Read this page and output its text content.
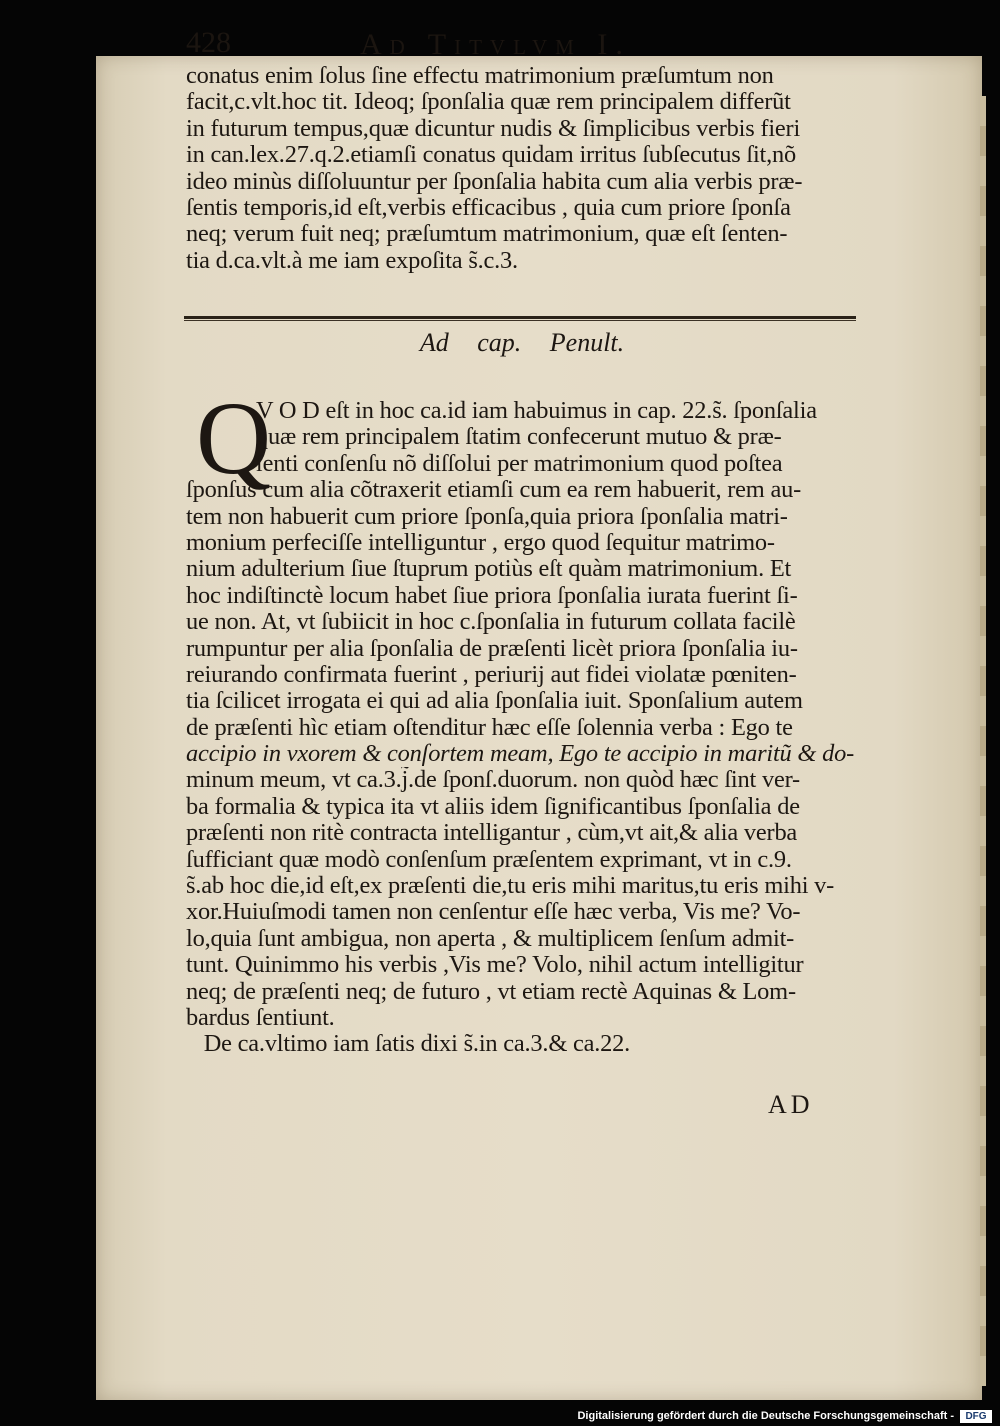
428	Ad Titvlvm I.
conatus enim ſolus ſine effectu matrimonium præſumtum non
facit,c.vlt.hoc tit. Ideoq; ſponſalia quæ rem principalem differũt
in futurum tempus,quæ dicuntur nudis & ſimplicibus verbis fieri
in can.lex.27.q.2.etiamſi conatus quidam irritus ſubſecutus ſit,nõ
ideo minùs diſſoluuntur per ſponſalia habita cum alia verbis præ-
ſentis temporis,id eſt,verbis efficacibus , quia cum priore ſponſa
neq; verum fuit neq; præſumtum matrimonium, quæ eſt ſenten-
tia d.ca.vlt.à me iam expoſita s̃.c.3.
Ad cap. Penult.
Q
V O D eſt in hoc ca.id iam habuimus in cap. 22.s̃. ſponſalia
quæ rem principalem ſtatim confecerunt mutuo & præ-
ſenti conſenſu nõ diſſolui per matrimonium quod poſtea
ſponſus cum alia cõtraxerit etiamſi cum ea rem habuerit, rem au-
tem non habuerit cum priore ſponſa,quia priora ſponſalia matri-
monium perfeciſſe intelliguntur , ergo quod ſequitur matrimo-
nium adulterium ſiue ſtuprum potiùs eſt quàm matrimonium. Et
hoc indiſtinctè locum habet ſiue priora ſponſalia iurata fuerint ſi-
ue non. At, vt ſubiicit in hoc c.ſponſalia in futurum collata facilè
rumpuntur per alia ſponſalia de præſenti licèt priora ſponſalia iu-
reiurando confirmata fuerint , periurij aut fidei violatæ pœniten-
tia ſcilicet irrogata ei qui ad alia ſponſalia iuit. Sponſalium autem
de præſenti hìc etiam oſtenditur hæc eſſe ſolennia verba : Ego te
accipio in vxorem & conſortem meam, Ego te accipio in maritũ & do-
minum meum, vt ca.3.j̃.de ſponſ.duorum. non quòd hæc ſint ver-
ba formalia & typica ita vt aliis idem ſignificantibus ſponſalia de
præſenti non ritè contracta intelligantur , cùm,vt ait,& alia verba
ſufficiant quæ modò conſenſum præſentem exprimant, vt in c.9.
s̃.ab hoc die,id eſt,ex præſenti die,tu eris mihi maritus,tu eris mihi v-
xor.Huiuſmodi tamen non cenſentur eſſe hæc verba, Vis me? Vo-
lo,quia ſunt ambigua, non aperta , & multiplicem ſenſum admit-
tunt. Quinimmo his verbis ,Vis me? Volo, nihil actum intelligitur
neq; de præſenti neq; de futuro , vt etiam rectè Aquinas & Lom-
bardus ſentiunt.
De ca.vltimo iam ſatis dixi s̃.in ca.3.& ca.22.
AD
Digitalisierung gefördert durch die Deutsche Forschungsgemeinschaft -	DFG
